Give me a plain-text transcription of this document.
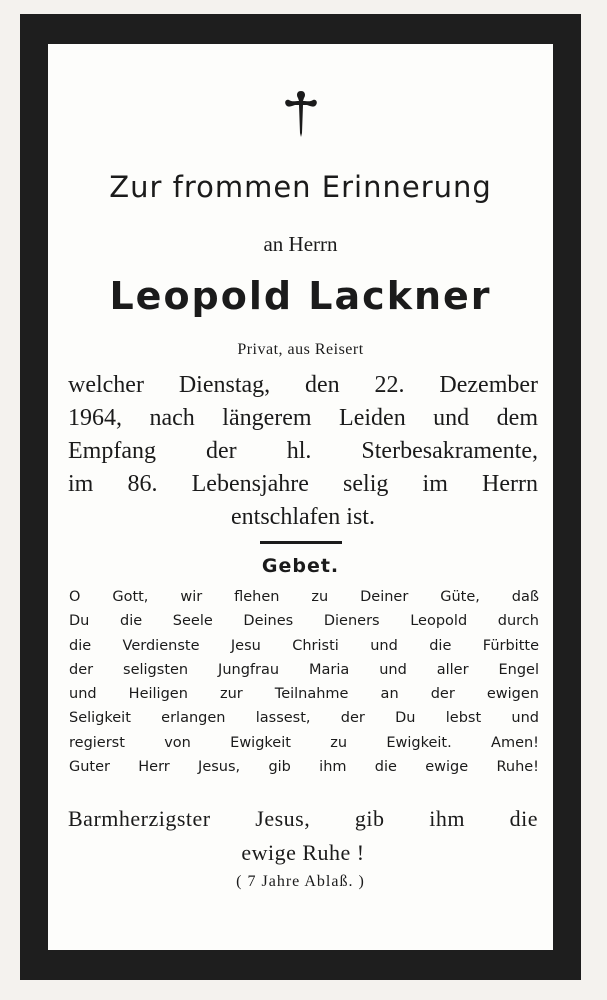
Zur frommen Erinnerung
an Herrn
Leopold Lackner
Privat, aus Reisert
welcher Dienstag, den 22. Dezember
1964, nach längerem Leiden und dem
Empfang der hl. Sterbesakramente,
im 86. Lebensjahre selig im Herrn
entschlafen ist.
Gebet.
O Gott, wir flehen zu Deiner Güte, daß
Du die Seele Deines Dieners Leopold durch
die Verdienste Jesu Christi und die Fürbitte
der seligsten Jungfrau Maria und aller Engel
und Heiligen zur Teilnahme an der ewigen
Seligkeit erlangen lassest, der Du lebst und
regierst von Ewigkeit zu Ewigkeit. Amen!
Guter Herr Jesus, gib ihm die ewige Ruhe!
Barmherzigster Jesus, gib ihm die
ewige Ruhe !
( 7 Jahre Ablaß. )
